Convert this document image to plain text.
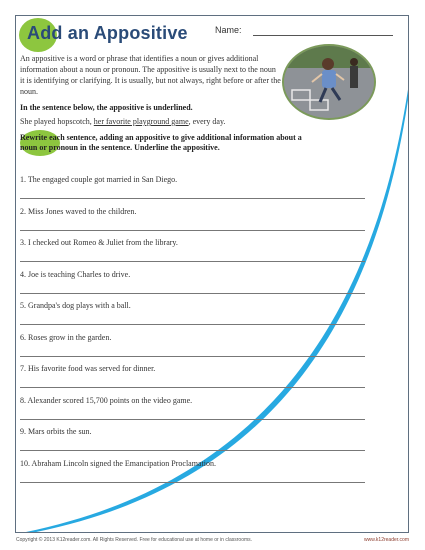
Add an Appositive	Name:
An appositive is a word or phrase that identifies a noun or gives additional information about a noun or pronoun. The appositive is usually next to the noun it is identifying or clarifying. It is usually, but not always, right before or after the noun.
In the sentence below, the appositive is underlined.
She played hopscotch, her favorite playground game, every day.
Rewrite each sentence, adding an appositive to give additional information about a noun or pronoun in the sentence. Underline the appositive.
1. The engaged couple got married in San Diego.
2. Miss Jones waved to the children.
3. I checked out Romeo & Juliet from the library.
4. Joe is teaching Charles to drive.
5. Grandpa's dog plays with a ball.
6. Roses grow in the garden.
7. His favorite food was served for dinner.
8. Alexander scored 15,700 points on the video game.
9. Mars orbits the sun.
10. Abraham Lincoln signed the Emancipation Proclamation.
Copyright © 2013 K12reader.com. All Rights Reserved. Free for educational use at home or in classrooms.	www.k12reader.com
